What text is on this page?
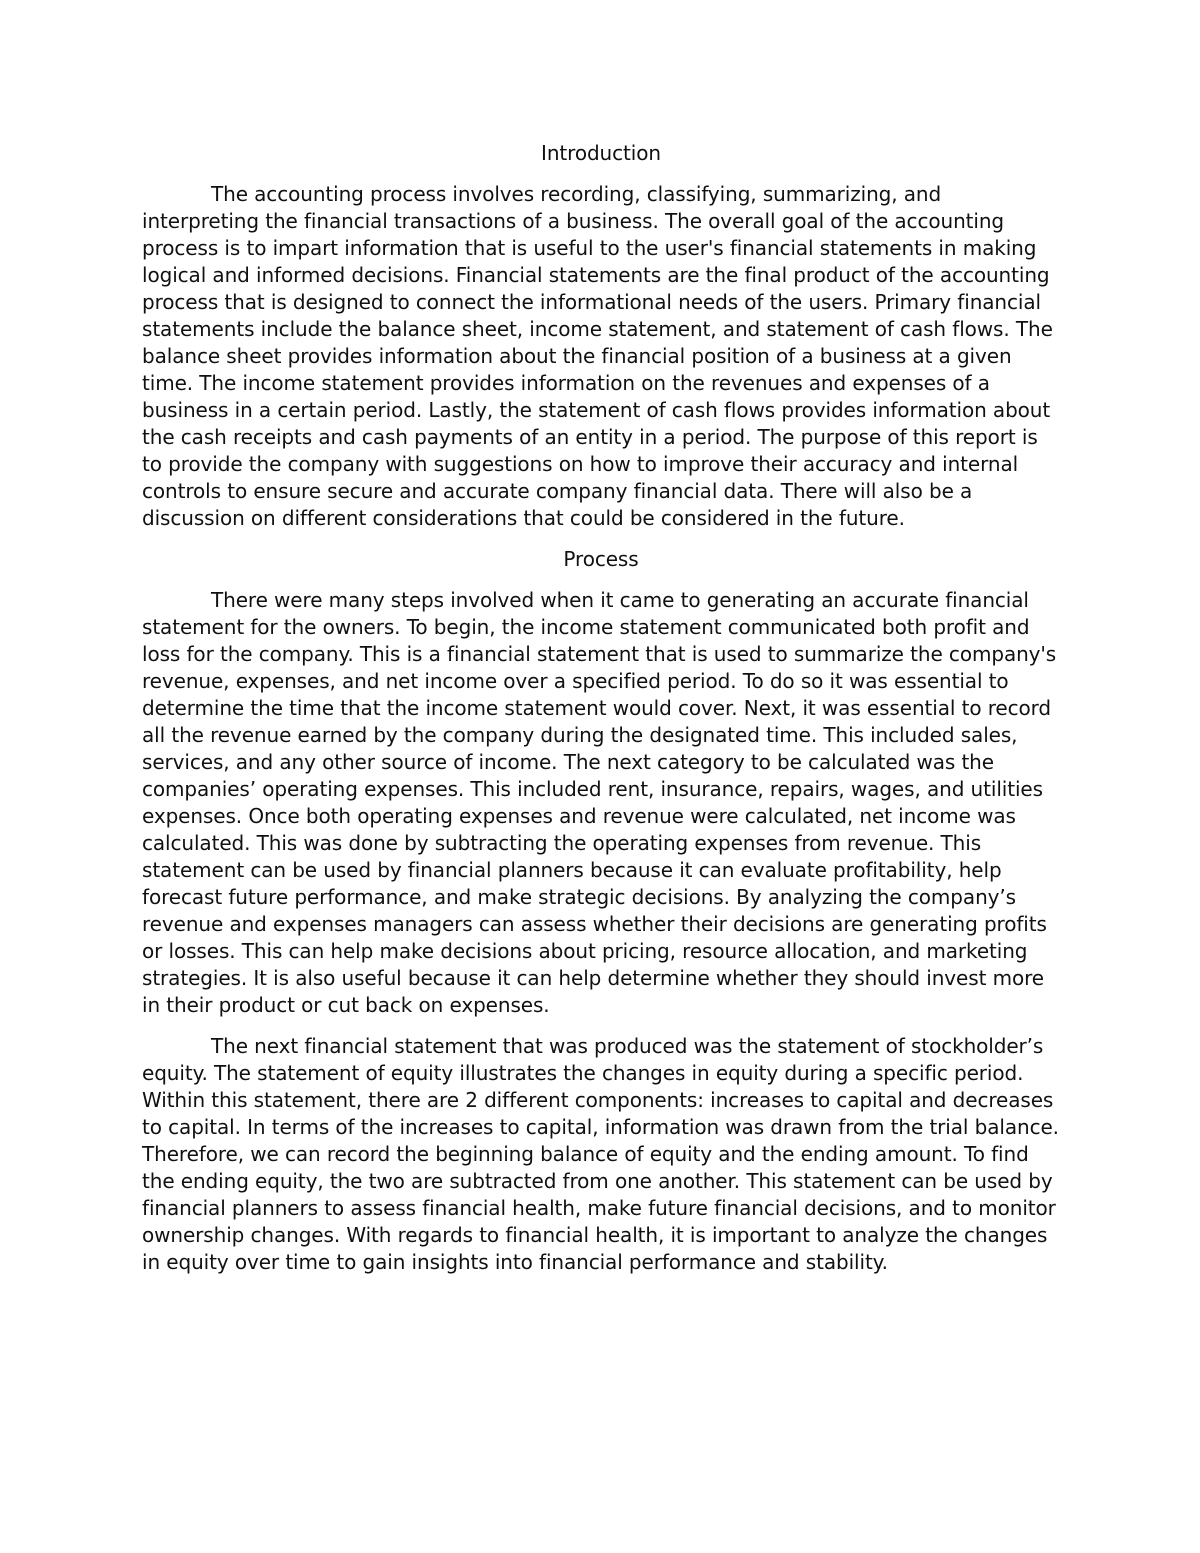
Introduction

The accounting process involves recording, classifying, summarizing, and interpreting the financial transactions of a business. The overall goal of the accounting process is to impart information that is useful to the user's financial statements in making logical and informed decisions. Financial statements are the final product of the accounting process that is designed to connect the informational needs of the users. Primary financial statements include the balance sheet, income statement, and statement of cash flows. The balance sheet provides information about the financial position of a business at a given time. The income statement provides information on the revenues and expenses of a business in a certain period. Lastly, the statement of cash flows provides information about the cash receipts and cash payments of an entity in a period. The purpose of this report is to provide the company with suggestions on how to improve their accuracy and internal controls to ensure secure and accurate company financial data. There will also be a discussion on different considerations that could be considered in the future.

Process

There were many steps involved when it came to generating an accurate financial statement for the owners. To begin, the income statement communicated both profit and loss for the company. This is a financial statement that is used to summarize the company's revenue, expenses, and net income over a specified period. To do so it was essential to determine the time that the income statement would cover. Next, it was essential to record all the revenue earned by the company during the designated time. This included sales, services, and any other source of income. The next category to be calculated was the companies’ operating expenses. This included rent, insurance, repairs, wages, and utilities expenses. Once both operating expenses and revenue were calculated, net income was calculated. This was done by subtracting the operating expenses from revenue. This statement can be used by financial planners because it can evaluate profitability, help forecast future performance, and make strategic decisions. By analyzing the company’s revenue and expenses managers can assess whether their decisions are generating profits or losses. This can help make decisions about pricing, resource allocation, and marketing strategies. It is also useful because it can help determine whether they should invest more in their product or cut back on expenses.

The next financial statement that was produced was the statement of stockholder’s equity. The statement of equity illustrates the changes in equity during a specific period. Within this statement, there are 2 different components: increases to capital and decreases to capital. In terms of the increases to capital, information was drawn from the trial balance. Therefore, we can record the beginning balance of equity and the ending amount. To find the ending equity, the two are subtracted from one another. This statement can be used by financial planners to assess financial health, make future financial decisions, and to monitor ownership changes. With regards to financial health, it is important to analyze the changes in equity over time to gain insights into financial performance and stability.
